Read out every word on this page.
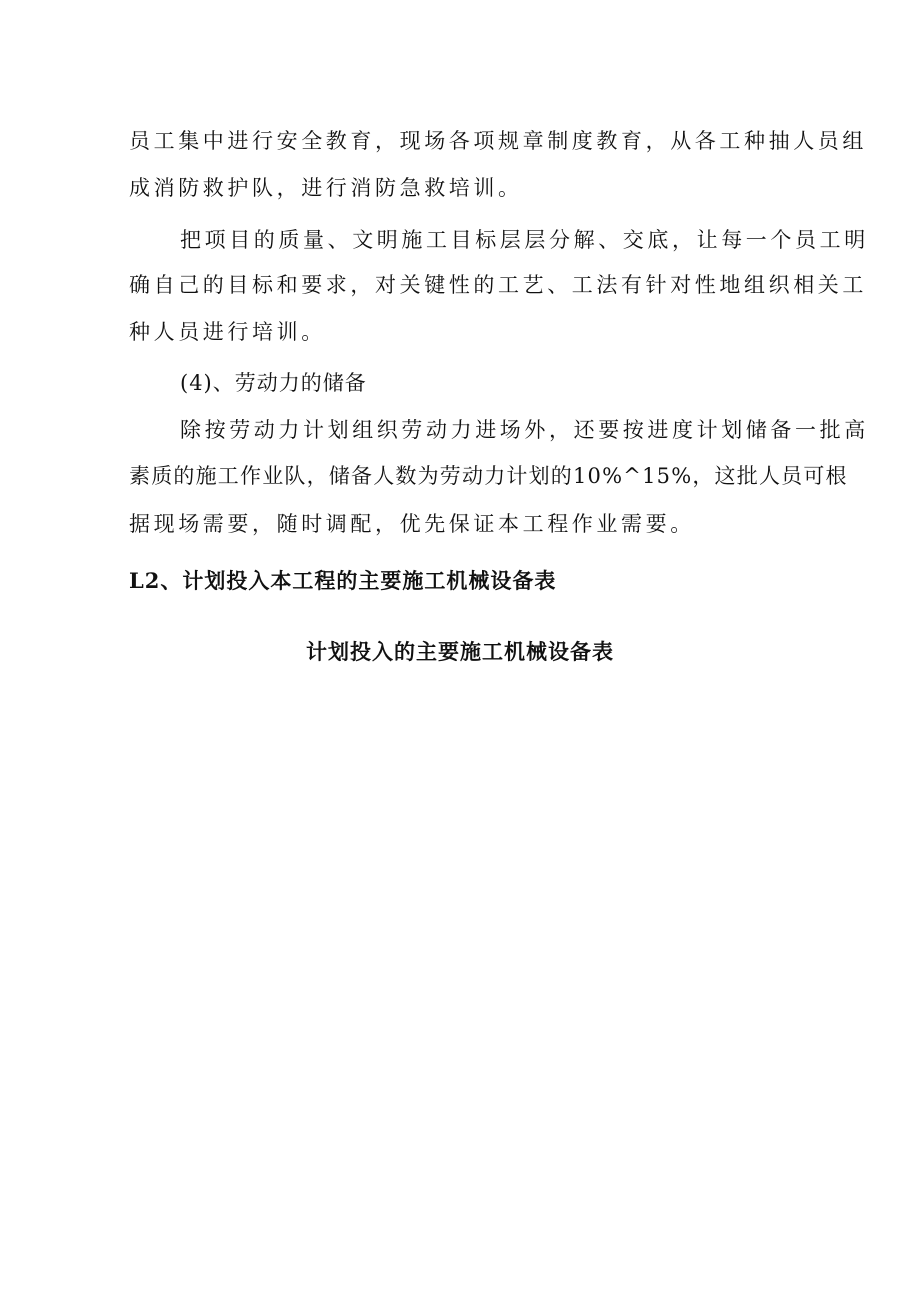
员工集中进行安全教育，现场各项规章制度教育，从各工种抽人员组
成消防救护队，进行消防急救培训。
把项目的质量、文明施工目标层层分解、交底，让每一个员工明
确自己的目标和要求，对关键性的工艺、工法有针对性地组织相关工
种人员进行培训。
(4)、劳动力的储备
除按劳动力计划组织劳动力进场外，还要按进度计划储备一批高
素质的施工作业队，储备人数为劳动力计划的10%^15%，这批人员可根
据现场需要，随时调配，优先保证本工程作业需要。
L2、计划投入本工程的主要施工机械设备表
计划投入的主要施工机械设备表
